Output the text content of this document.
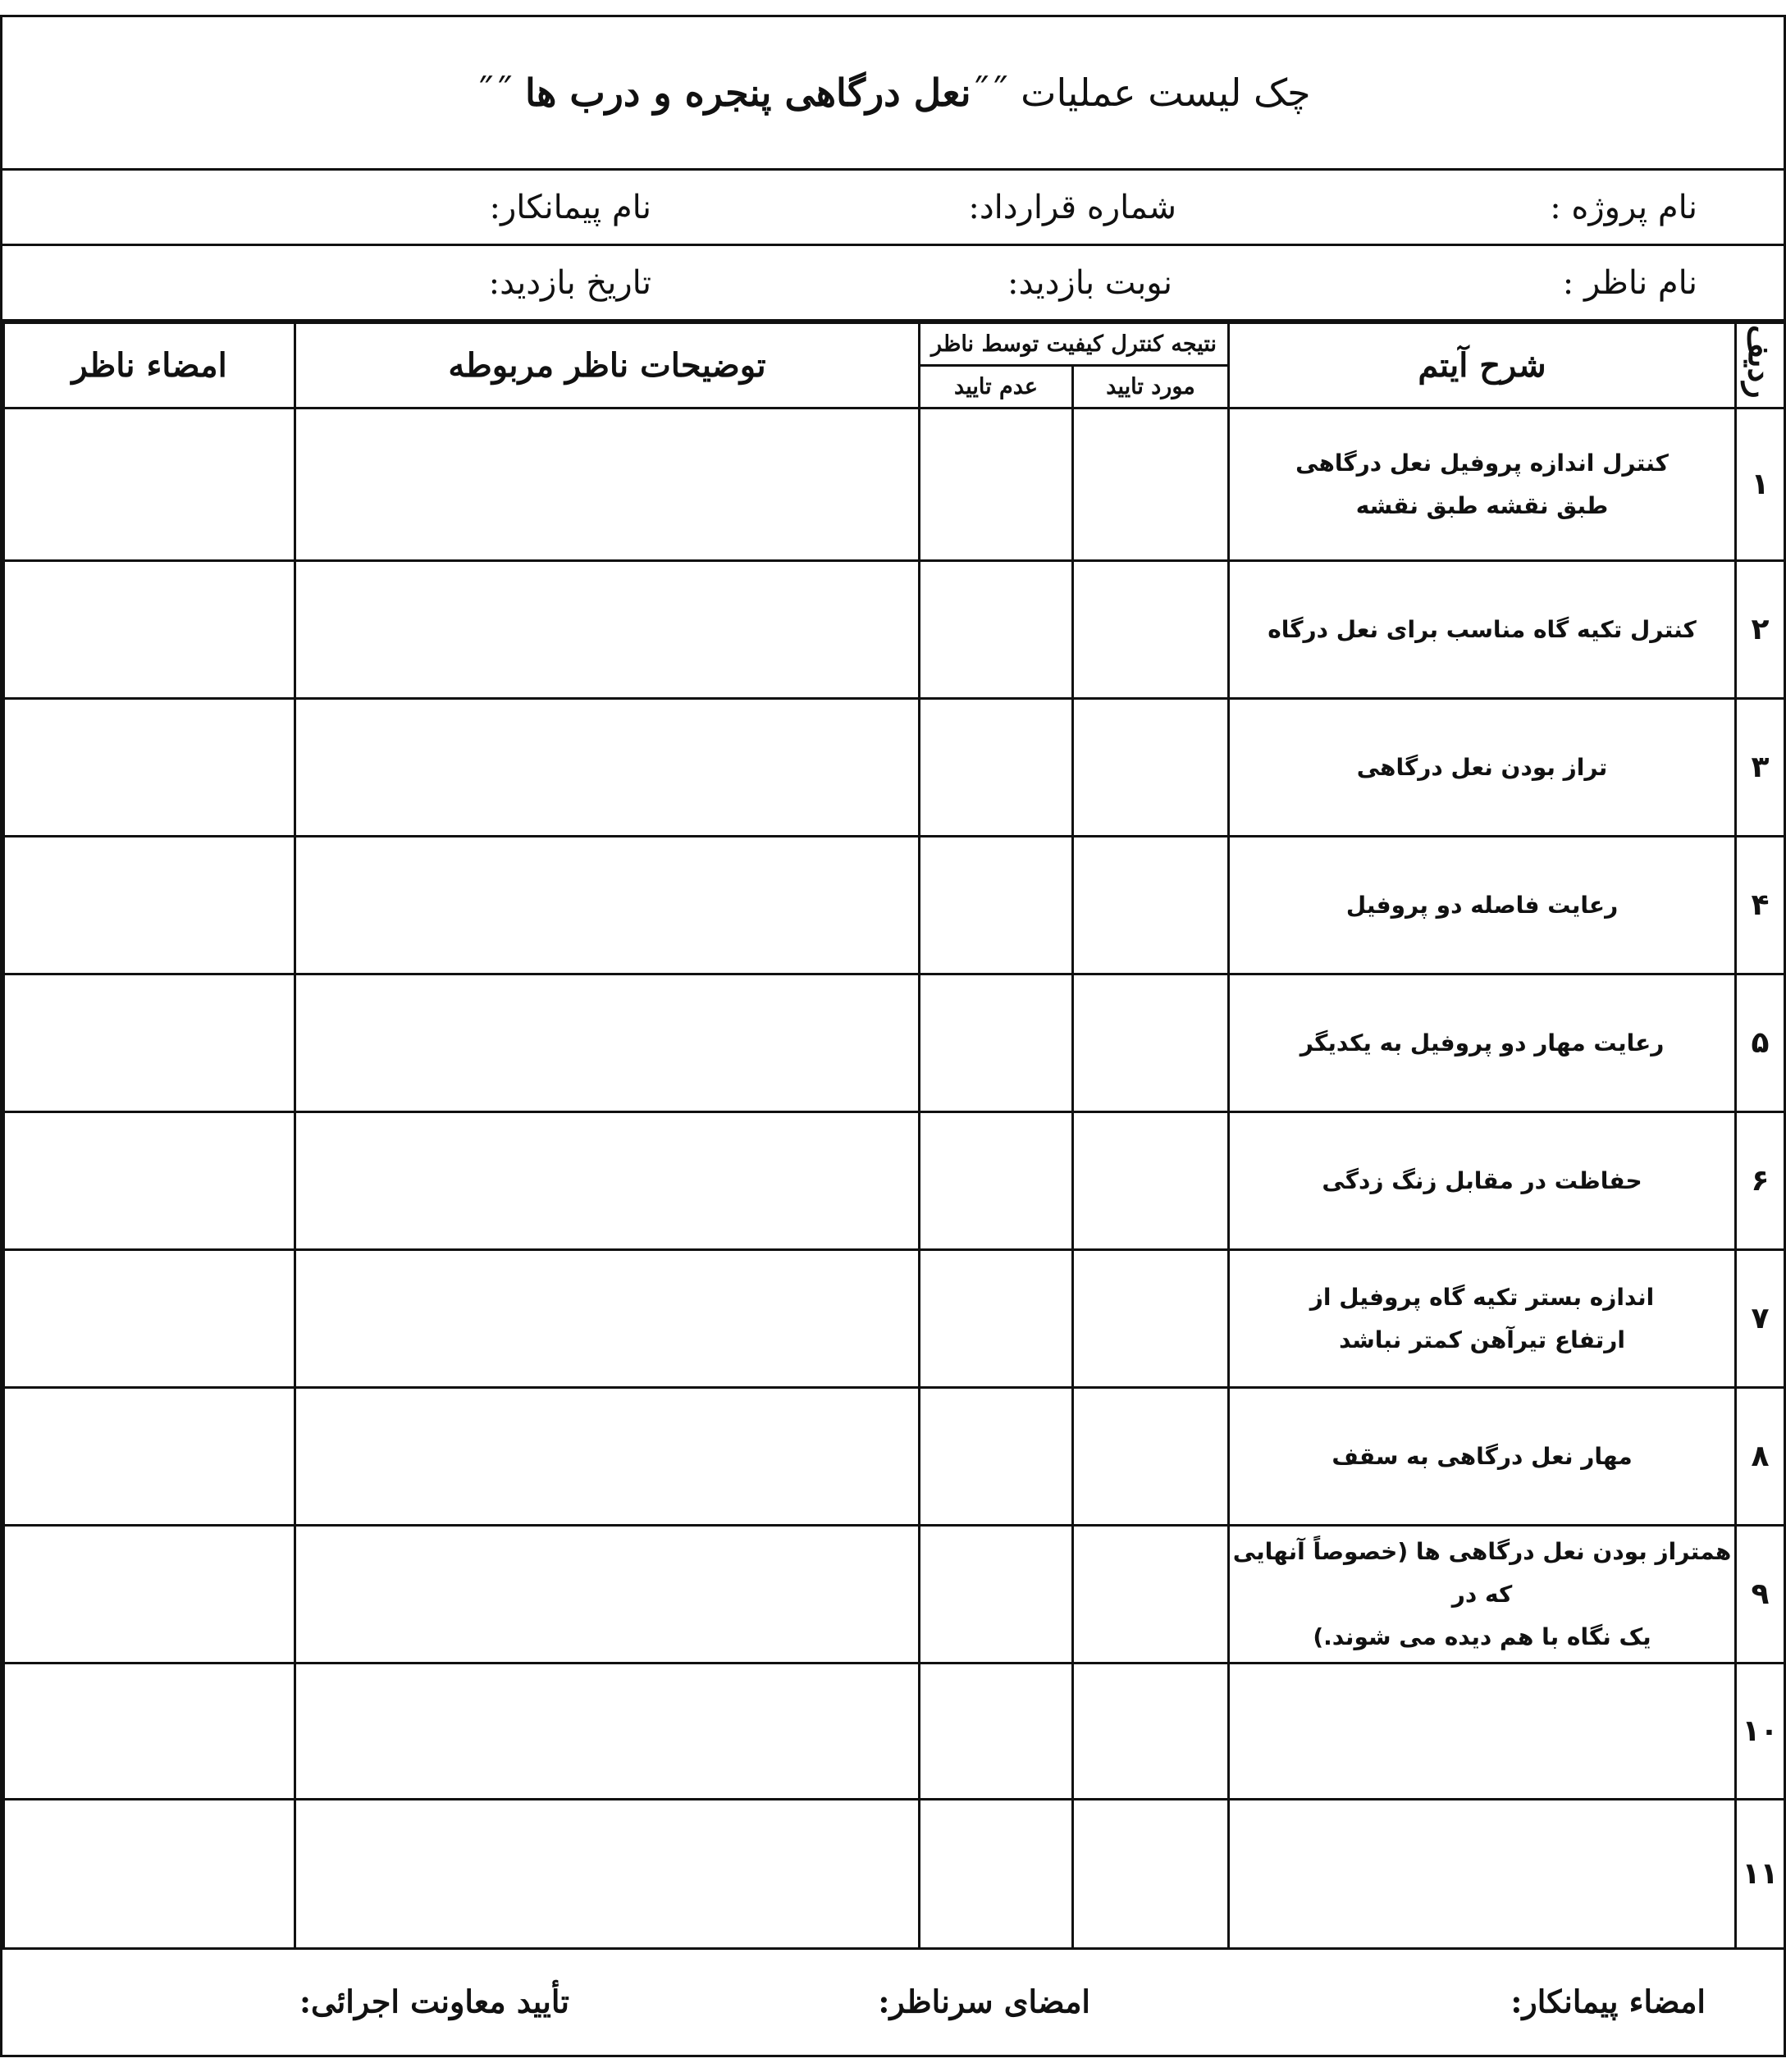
چک لیست عملیات ˝˝نعل درگاهی پنجره و درب ها ˝˝
نام پروژه :
شماره قرارداد:
نام پیمانکار:
نام ناظر :
نوبت بازدید:
تاریخ بازدید:
ردیف	شرح آیتم	نتیجه کنترل کیفیت توسط ناظر		توضیحات ناظر مربوطه	امضاء ناظر
		مورد تایید	عدم تایید		
۱	کنترل اندازه پروفیل نعل درگاهی
طبق نقشه طبق نقشه				

۲	کنترل تکیه گاه مناسب برای نعل درگاه				

۳	تراز بودن نعل درگاهی				

۴	رعایت فاصله دو پروفیل				

۵	رعایت مهار دو پروفیل به یکدیگر				

۶	حفاظت در مقابل زنگ زدگی				

۷	اندازه بستر تکیه گاه پروفیل از
ارتفاع تیرآهن کمتر نباشد				

۸	مهار نعل درگاهی به سقف				

۹	همتراز بودن نعل درگاهی ها (خصوصاً آنهایی که در
یک نگاه با هم دیده می شوند.)				

۱۰	

۱۱	

امضاء پیمانکار:
امضای سرناظر:
تأیید معاونت اجرائی:
